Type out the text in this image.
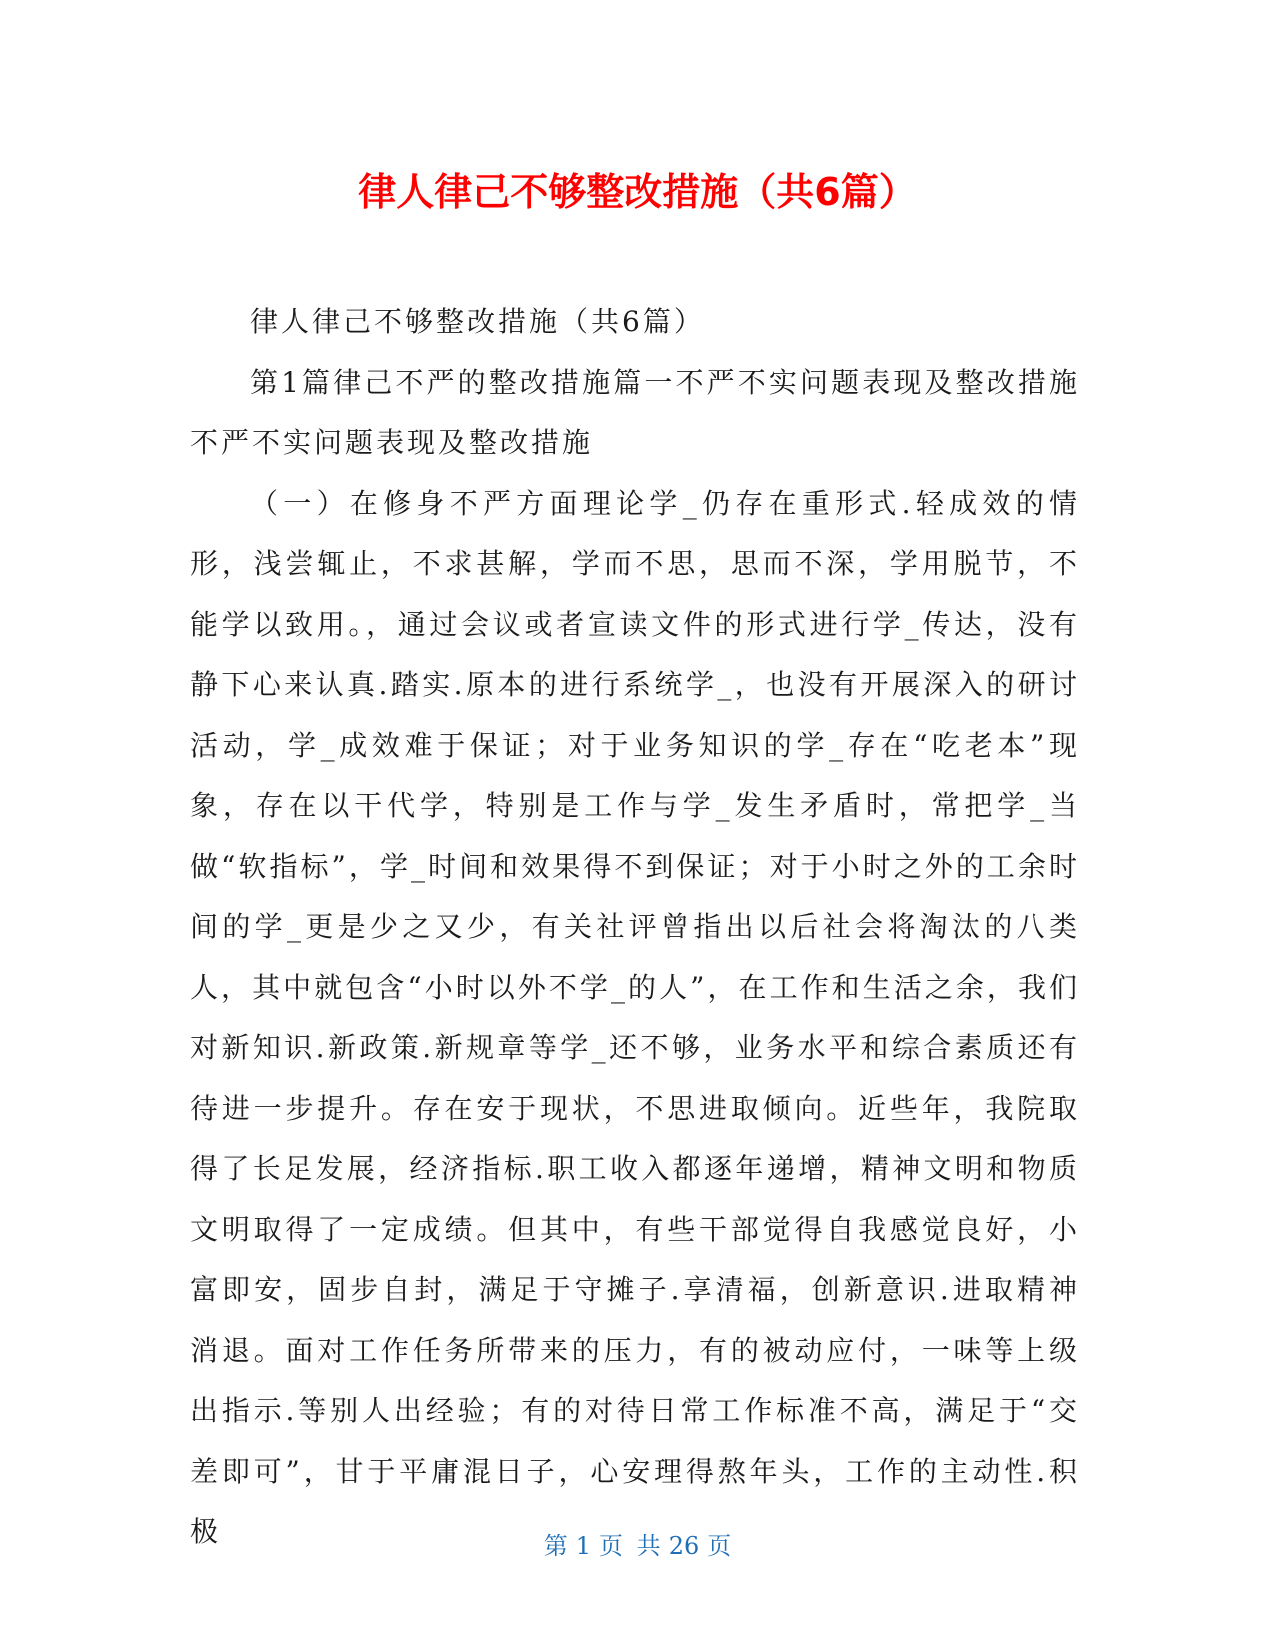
律人律己不够整改措施（共6篇）

律人律己不够整改措施（共6篇）

第1篇律己不严的整改措施篇一不严不实问题表现及整改措施不严不实问题表现及整改措施

（一）在修身不严方面理论学_仍存在重形式.轻成效的情形，浅尝辄止，不求甚解，学而不思，思而不深，学用脱节，不能学以致用。，通过会议或者宣读文件的形式进行学_传达，没有静下心来认真.踏实.原本的进行系统学_，也没有开展深入的研讨活动，学_成效难于保证；对于业务知识的学_存在“吃老本”现象，存在以干代学，特别是工作与学_发生矛盾时，常把学_当做“软指标”，学_时间和效果得不到保证；对于小时之外的工余时间的学_更是少之又少，有关社评曾指出以后社会将淘汰的八类人，其中就包含“小时以外不学_的人”，在工作和生活之余，我们对新知识.新政策.新规章等学_还不够，业务水平和综合素质还有待进一步提升。存在安于现状，不思进取倾向。近些年，我院取得了长足发展，经济指标.职工收入都逐年递增，精神文明和物质文明取得了一定成绩。但其中，有些干部觉得自我感觉良好，小富即安，固步自封，满足于守摊子.享清福，创新意识.进取精神消退。面对工作任务所带来的压力，有的被动应付，一味等上级出指示.等别人出经验；有的对待日常工作标准不高，满足于“交差即可”，甘于平庸混日子，心安理得熬年头，工作的主动性.积极	第 1 页 共 26 页
